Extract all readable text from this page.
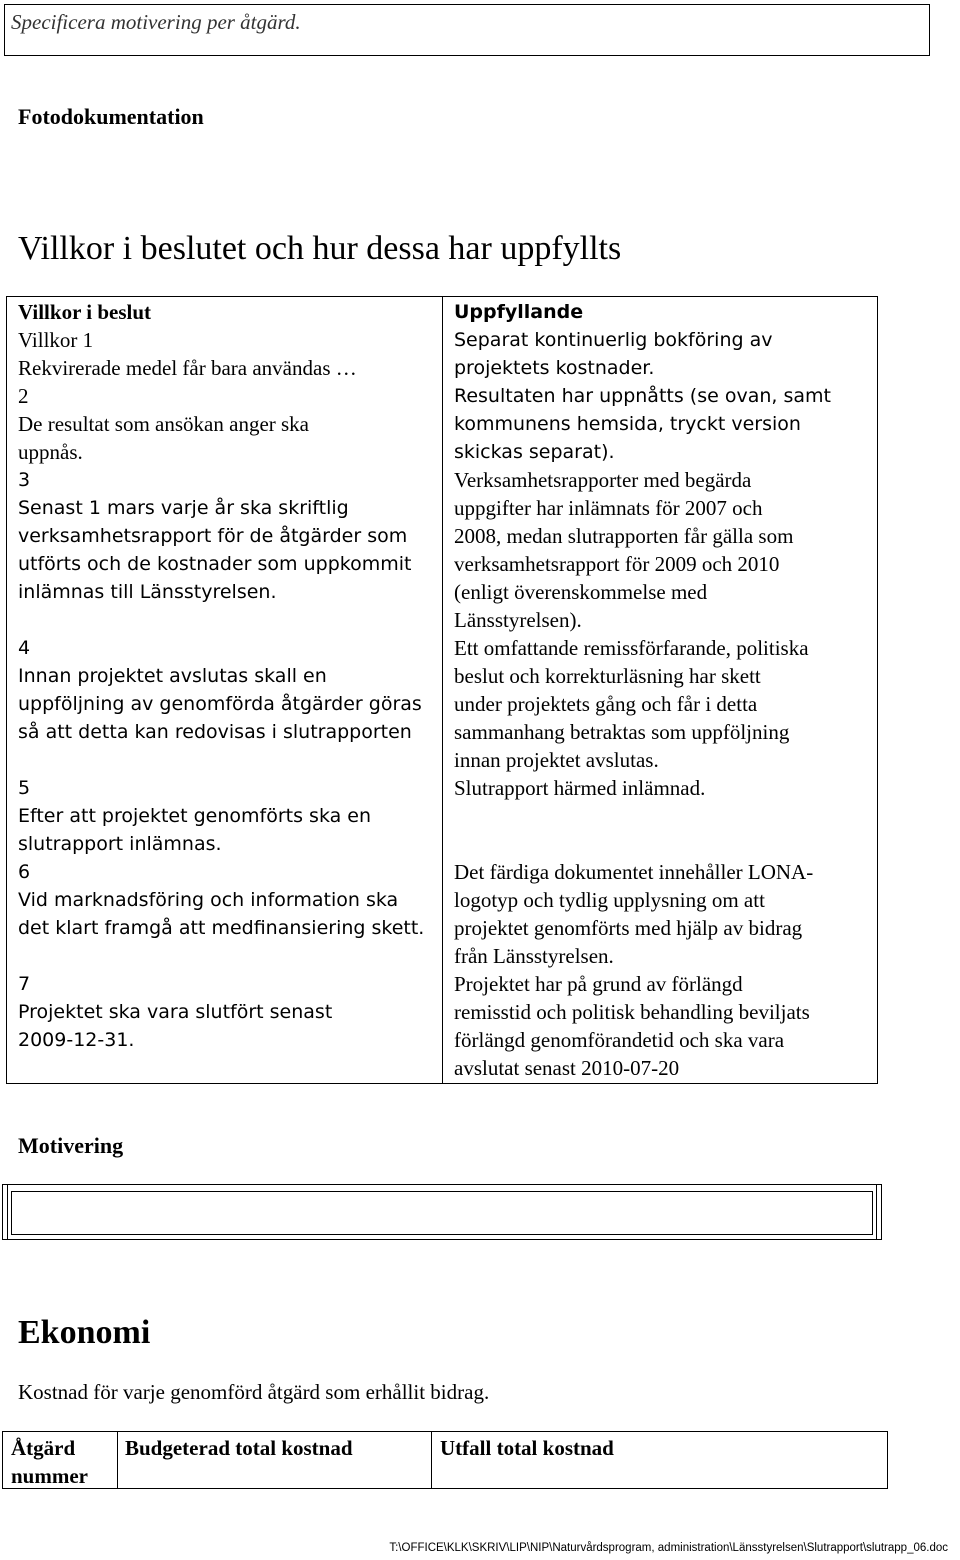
Specificera motivering per åtgärd.
Fotodokumentation
Villkor i beslutet och hur dessa har uppfyllts
Villkor i beslut
Villkor 1
Rekvirerade medel får bara användas …
2
De resultat som ansökan anger ska
uppnås.
3
Senast 1 mars varje år ska skriftlig
verksamhetsrapport för de åtgärder som
utförts och de kostnader som uppkommit
inlämnas till Länsstyrelsen.
4
Innan projektet avslutas skall en
uppföljning av genomförda åtgärder göras
så att detta kan redovisas i slutrapporten
5
Efter att projektet genomförts ska en
slutrapport inlämnas.
6
Vid marknadsföring och information ska
det klart framgå att medfinansiering skett.
7
Projektet ska vara slutfört senast
2009-12-31.
Uppfyllande
Separat kontinuerlig bokföring av
projektets kostnader.
Resultaten har uppnåtts (se ovan, samt
kommunens hemsida, tryckt version
skickas separat).
Verksamhetsrapporter med begärda
uppgifter har inlämnats för 2007 och
2008, medan slutrapporten får gälla som
verksamhetsrapport för 2009 och 2010
(enligt överenskommelse med
Länsstyrelsen).
Ett omfattande remissförfarande, politiska
beslut och korrekturläsning har skett
under projektets gång och får i detta
sammanhang betraktas som uppföljning
innan projektet avslutas.
Slutrapport härmed inlämnad.
Det färdiga dokumentet innehåller LONA-
logotyp och tydlig upplysning om att
projektet genomförts med hjälp av bidrag
från Länsstyrelsen.
Projektet har på grund av förlängd
remisstid och politisk behandling beviljats
förlängd genomförandetid och ska vara
avslutat senast 2010-07-20
Motivering
Ekonomi
Kostnad för varje genomförd åtgärd som erhållit bidrag.
Åtgärd nummer
Budgeterad total kostnad	Utfall total kostnad
T:\OFFICE\KLK\SKRIV\LIP\NIP\Naturvårdsprogram, administration\Länsstyrelsen\Slutrapport\slutrapp_06.doc
